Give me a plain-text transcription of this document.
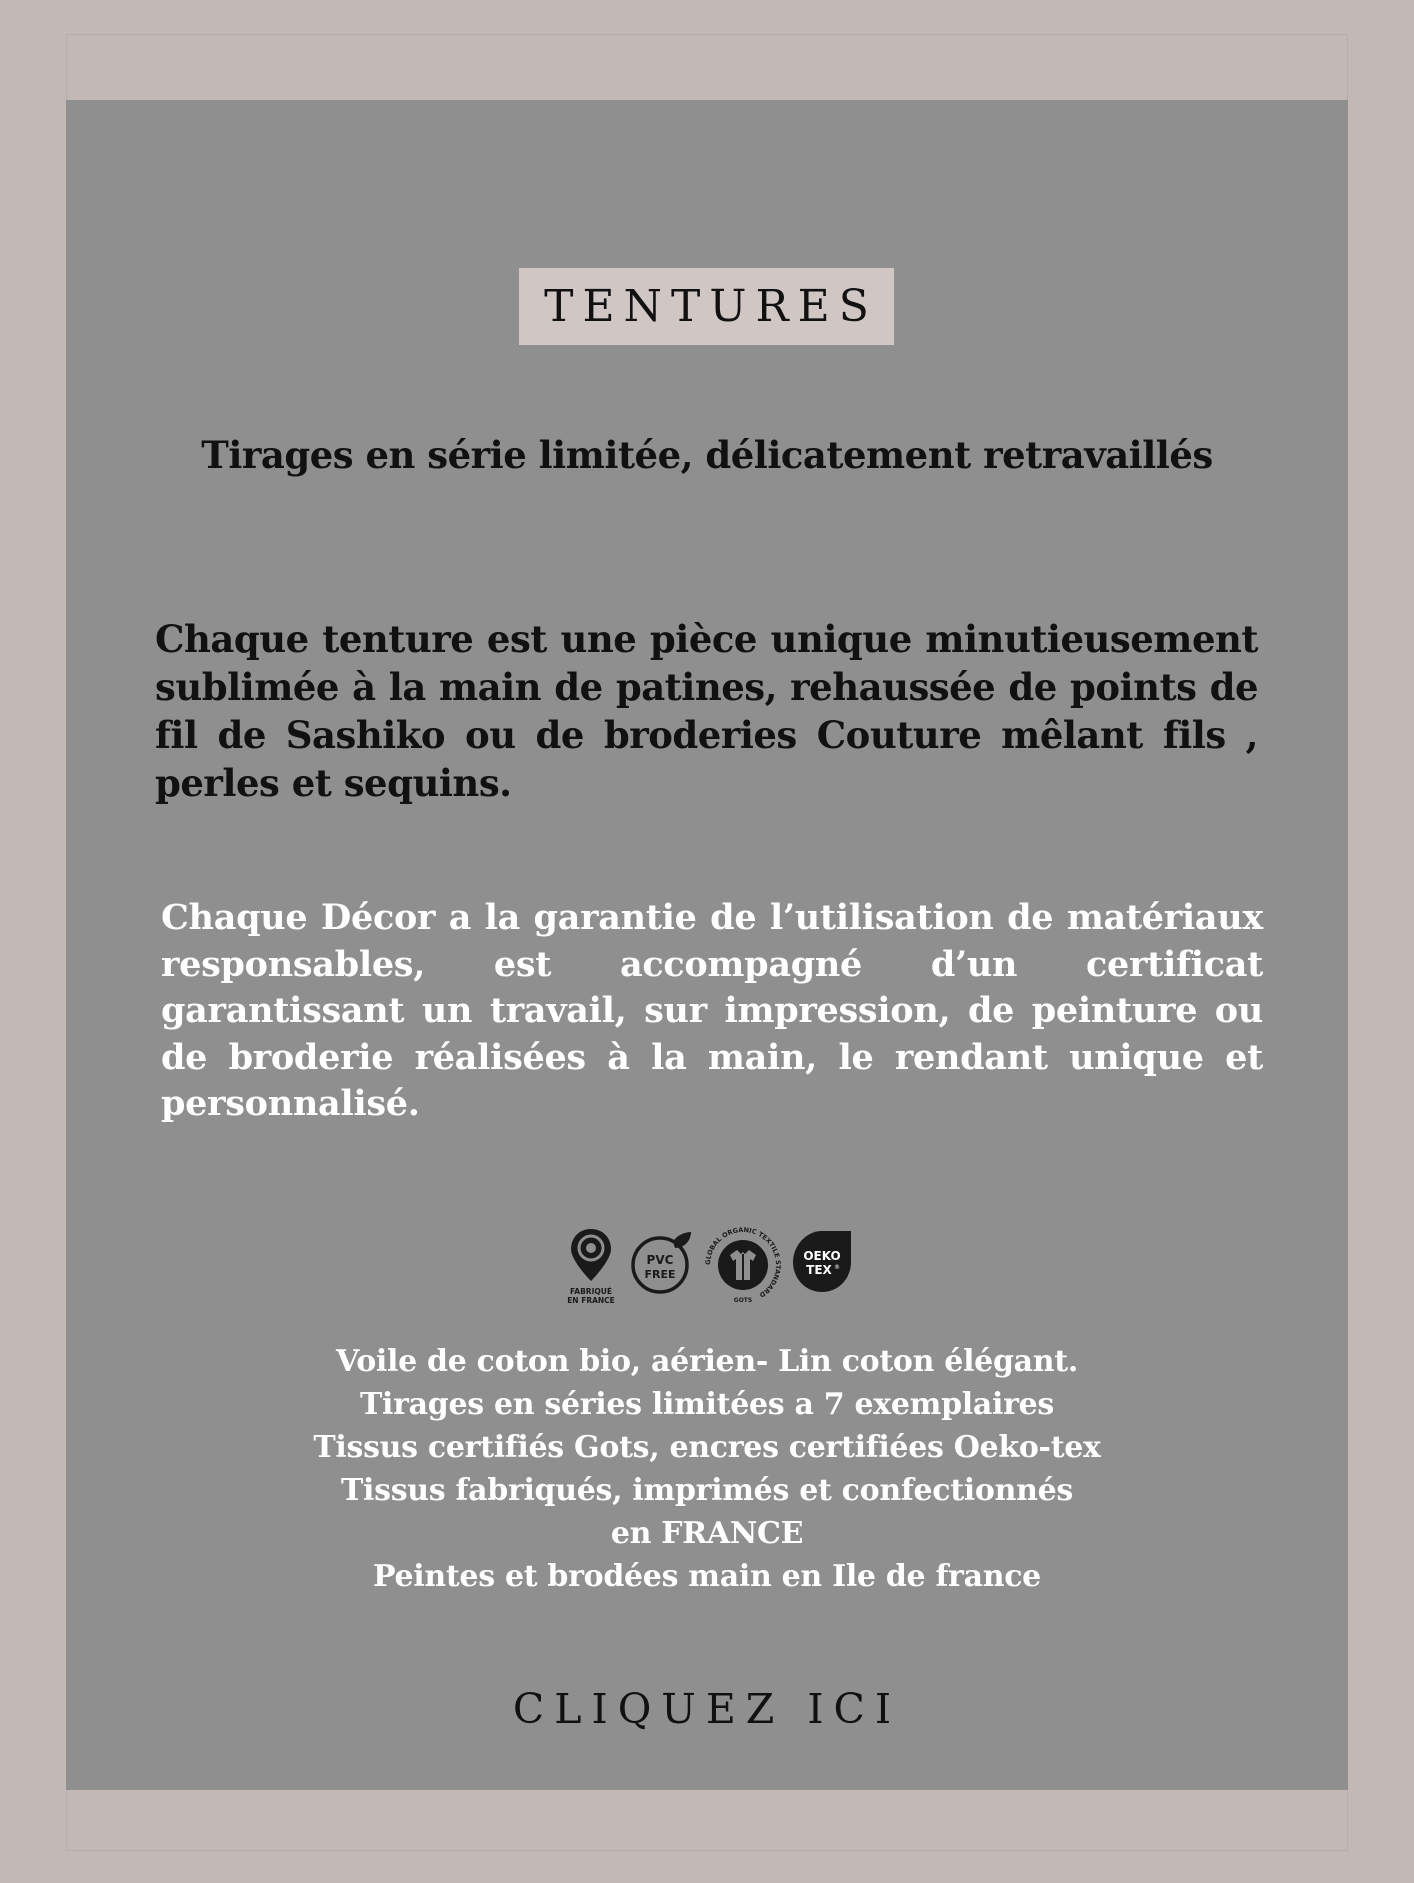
TENTURES
Tirages en série limitée, délicatement retravaillés
Chaque tenture est une pièce unique minutieusement sublimée à la main de patines, rehaussée de points de fil de Sashiko ou de broderies Couture mêlant fils , perles et sequins.
Chaque Décor a la garantie de l’utilisation de matériaux responsables, est accompagné d’un certificat garantissant un travail, sur impression, de peinture ou de broderie réalisées à la main, le rendant unique et personnalisé.
FABRIQUÉ
EN FRANCE
PVC
FREE
GLOBAL ORGANIC TEXTILE STANDARD
GOTS
OEKO
TEX ®
Voile de coton bio, aérien- Lin coton élégant.
Tirages en séries limitées a 7 exemplaires
Tissus certifiés Gots, encres certifiées Oeko-tex
Tissus fabriqués, imprimés et confectionnés
en FRANCE
Peintes et brodées main en Ile de france
CLIQUEZ ICI
